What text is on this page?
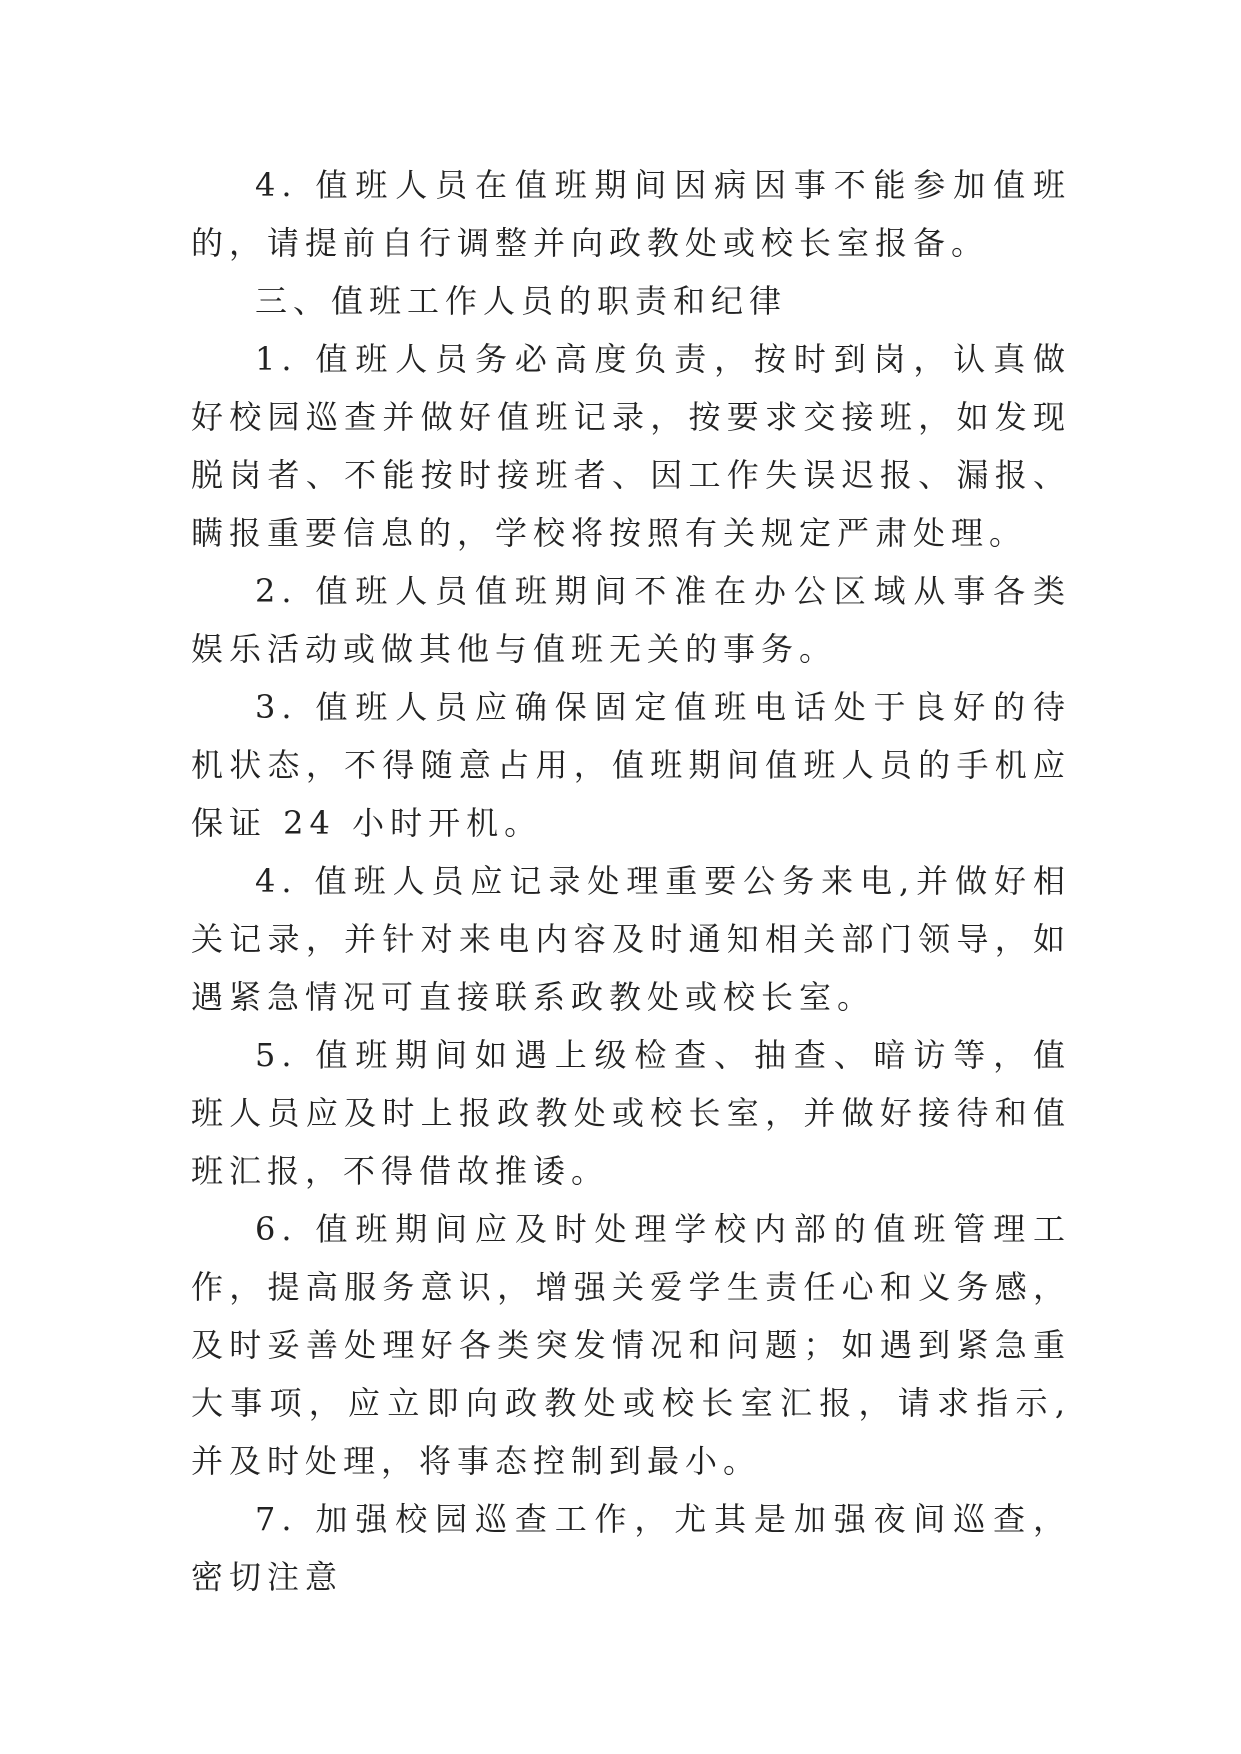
4. 值班人员在值班期间因病因事不能参加值班的，请提前自行调整并向政教处或校长室报备。

三、值班工作人员的职责和纪律

1. 值班人员务必高度负责，按时到岗，认真做好校园巡查并做好值班记录，按要求交接班，如发现脱岗者、不能按时接班者、因工作失误迟报、漏报、瞒报重要信息的，学校将按照有关规定严肃处理。

2. 值班人员值班期间不准在办公区域从事各类娱乐活动或做其他与值班无关的事务。

3. 值班人员应确保固定值班电话处于良好的待机状态，不得随意占用，值班期间值班人员的手机应保证 24 小时开机。

4. 值班人员应记录处理重要公务来电,并做好相关记录，并针对来电内容及时通知相关部门领导，如遇紧急情况可直接联系政教处或校长室。

5. 值班期间如遇上级检查、抽查、暗访等，值班人员应及时上报政教处或校长室，并做好接待和值班汇报，不得借故推诿。

6. 值班期间应及时处理学校内部的值班管理工作，提高服务意识，增强关爱学生责任心和义务感，及时妥善处理好各类突发情况和问题；如遇到紧急重大事项，应立即向政教处或校长室汇报，请求指示,并及时处理，将事态控制到最小。

7. 加强校园巡查工作，尤其是加强夜间巡查，密切注意
